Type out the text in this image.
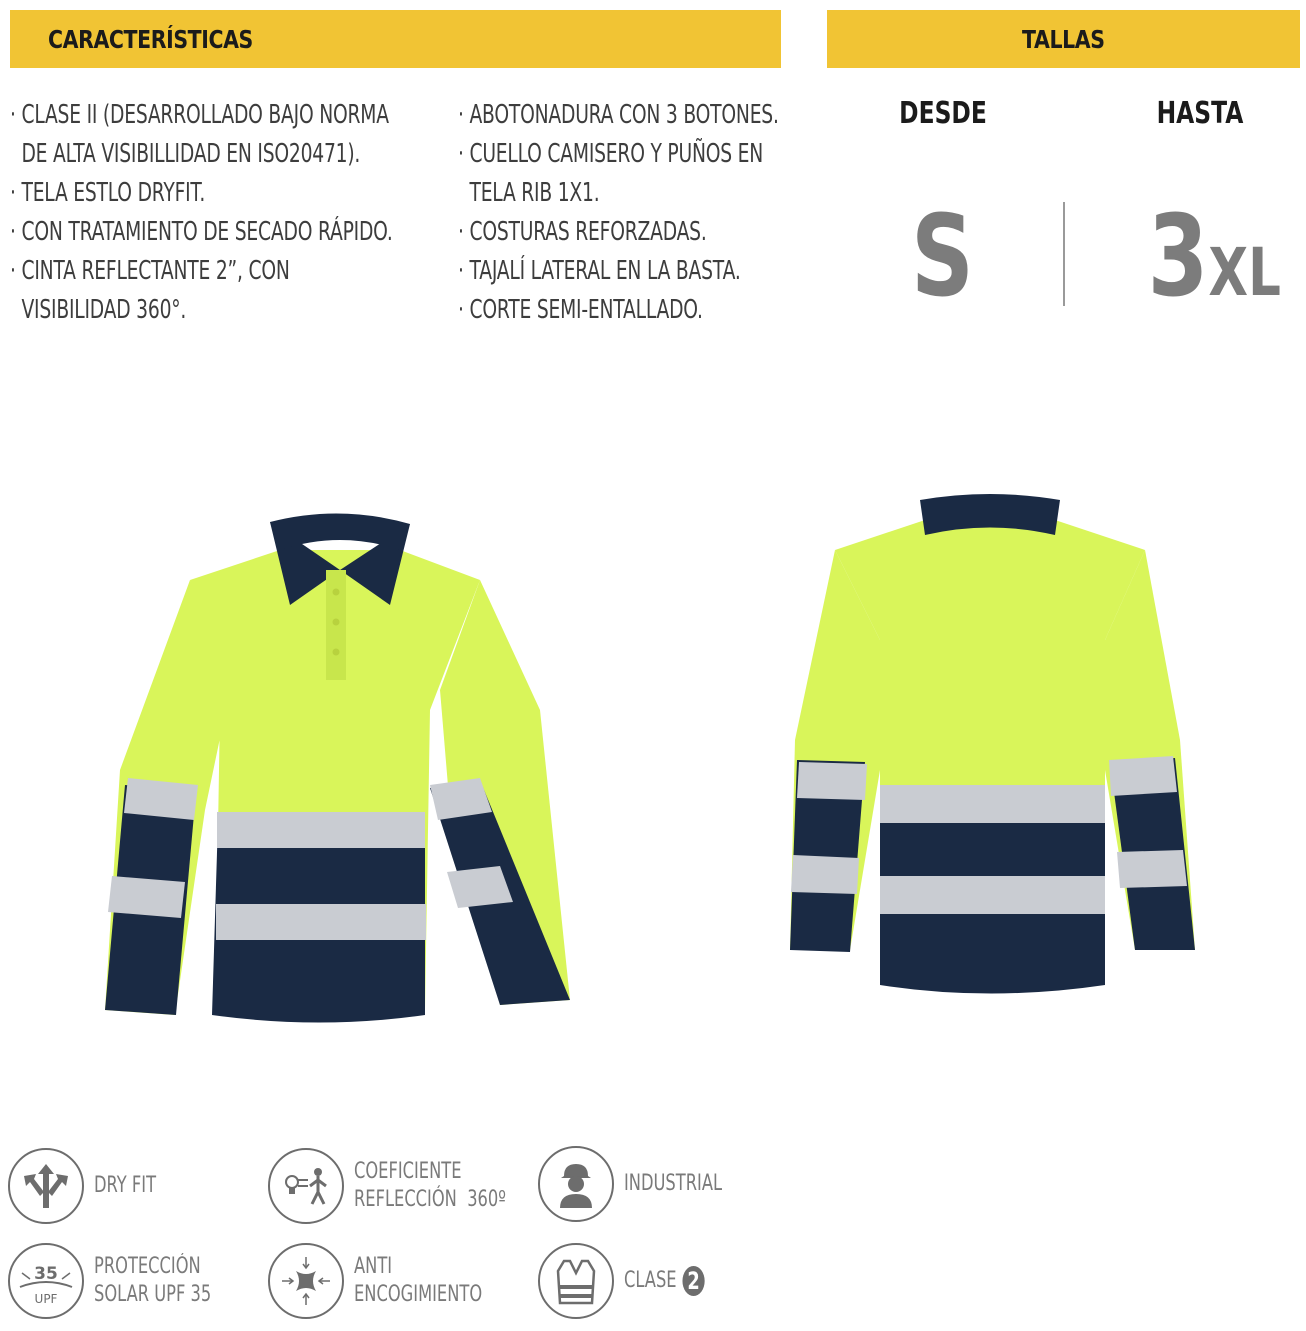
CARACTERÍSTICAS	TALLAS
· CLASE II (DESARROLLADO BAJO NORMA
DE ALTA VISIBILLIDAD EN ISO20471).
· TELA ESTLO DRYFIT.
· CON TRATAMIENTO DE SECADO RÁPIDO.
· CINTA REFLECTANTE 2”, CON
VISIBILIDAD 360°.
· ABOTONADURA CON 3 BOTONES.
· CUELLO CAMISERO Y PUÑOS EN
TELA RIB 1X1.
· COSTURAS REFORZADAS.
· TAJALÍ LATERAL EN LA BASTA.
· CORTE SEMI-ENTALLADO.
DESDE	HASTA
S 3XL
DRY FIT
COEFICIENTE
REFLECCIÓN  360º
INDUSTRIAL
35
UPF
PROTECCIÓN
SOLAR UPF 35
ANTI
ENCOGIMIENTO
CLASE 2
